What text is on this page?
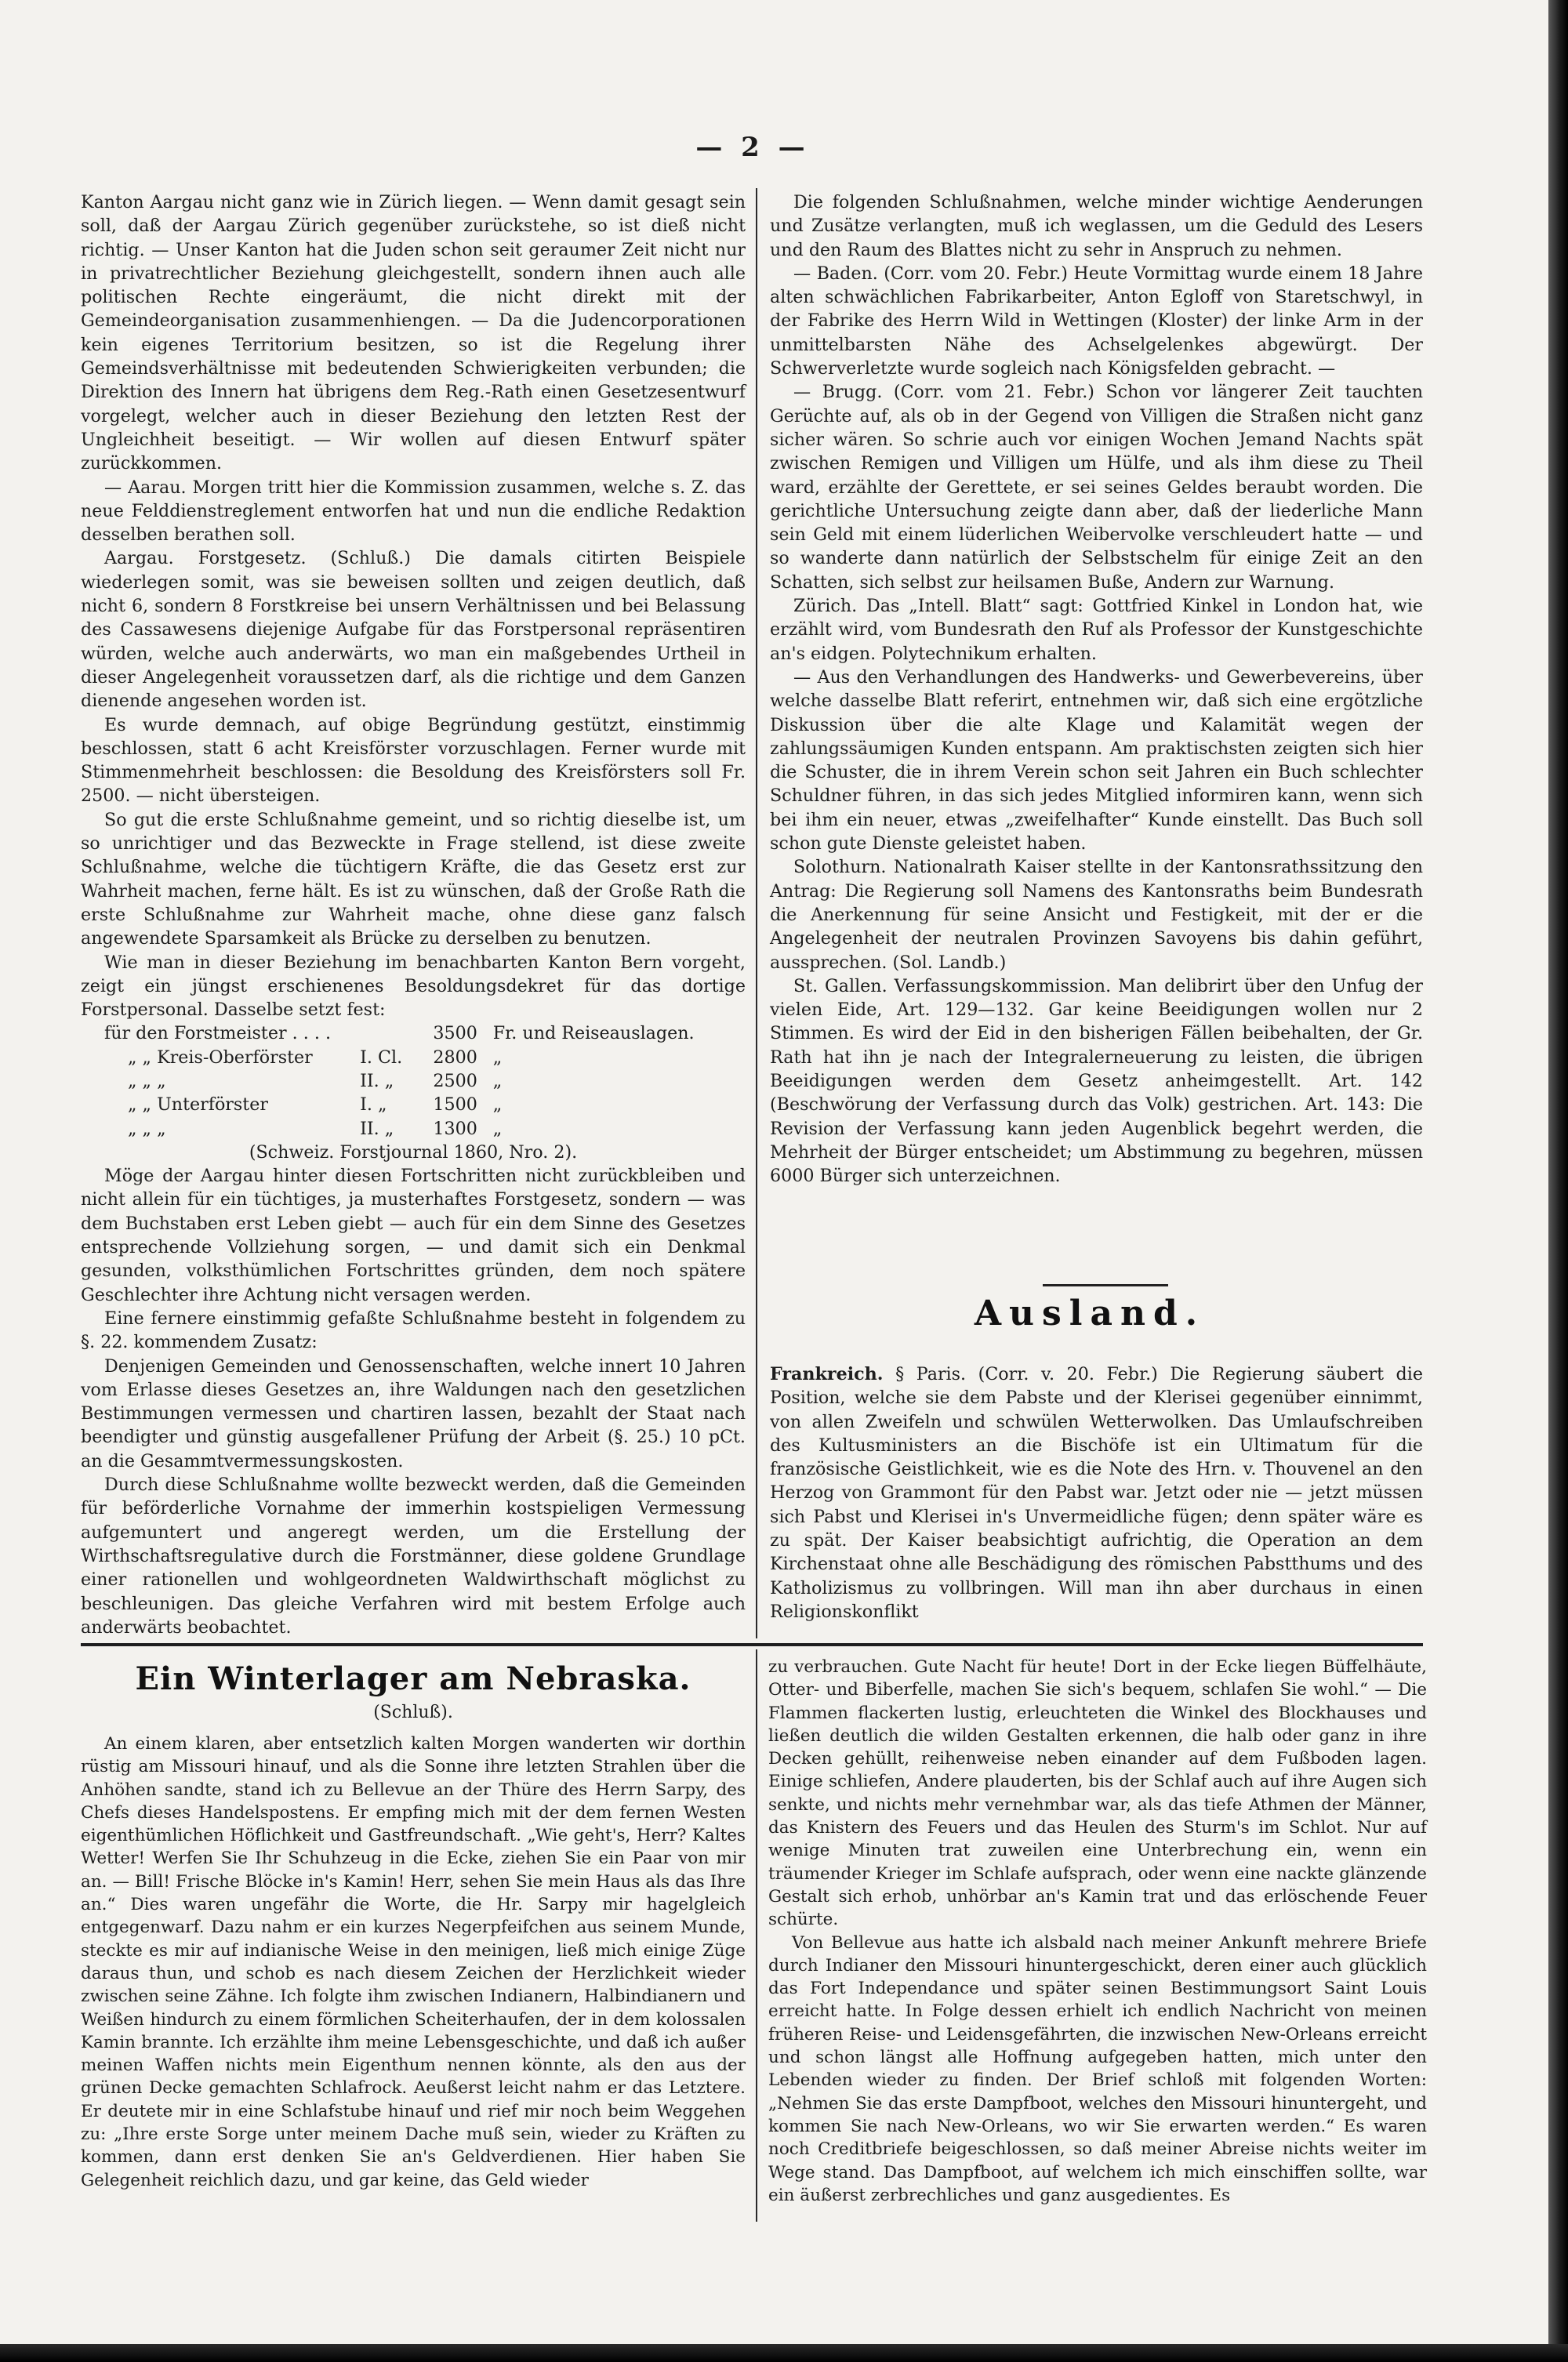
— 2 —

Kanton Aargau nicht ganz wie in Zürich liegen. — Wenn damit gesagt sein soll, daß der Aargau Zürich gegenüber zurückstehe, so ist dieß nicht richtig. — Unser Kanton hat die Juden schon seit geraumer Zeit nicht nur in privatrechtlicher Beziehung gleichgestellt, sondern ihnen auch alle politischen Rechte eingeräumt, die nicht direkt mit der Gemeindeorganisation zusammenhiengen. — Da die Judencorporationen kein eigenes Territorium besitzen, so ist die Regelung ihrer Gemeindsverhältnisse mit bedeutenden Schwierigkeiten verbunden; die Direktion des Innern hat übrigens dem Reg.-Rath einen Gesetzesentwurf vorgelegt, welcher auch in dieser Beziehung den letzten Rest der Ungleichheit beseitigt. — Wir wollen auf diesen Entwurf später zurückkommen.

— Aarau. Morgen tritt hier die Kommission zusammen, welche s. Z. das neue Felddienstreglement entworfen hat und nun die endliche Redaktion desselben berathen soll.

Aargau. Forstgesetz. (Schluß.) Die damals citirten Beispiele wiederlegen somit, was sie beweisen sollten und zeigen deutlich, daß nicht 6, sondern 8 Forstkreise bei unsern Verhältnissen und bei Belassung des Cassawesens diejenige Aufgabe für das Forstpersonal repräsentiren würden, welche auch anderwärts, wo man ein maßgebendes Urtheil in dieser Angelegenheit voraussetzen darf, als die richtige und dem Ganzen dienende angesehen worden ist.

Es wurde demnach, auf obige Begründung gestützt, einstimmig beschlossen, statt 6 acht Kreisförster vorzuschlagen. Ferner wurde mit Stimmenmehrheit beschlossen: die Besoldung des Kreisförsters soll Fr. 2500. — nicht übersteigen.

So gut die erste Schlußnahme gemeint, und so richtig dieselbe ist, um so unrichtiger und das Bezweckte in Frage stellend, ist diese zweite Schlußnahme, welche die tüchtigern Kräfte, die das Gesetz erst zur Wahrheit machen, ferne hält. Es ist zu wünschen, daß der Große Rath die erste Schlußnahme zur Wahrheit mache, ohne diese ganz falsch angewendete Sparsamkeit als Brücke zu derselben zu benutzen.

Wie man in dieser Beziehung im benachbarten Kanton Bern vorgeht, zeigt ein jüngst erschienenes Besoldungsdekret für das dortige Forstpersonal. Dasselbe setzt fest:

für den Forstmeister . . . .		3500	Fr. und Reiseauslagen.
„ „ Kreis-Oberförster	I. Cl.	2800	„
„ „ „	II. „	2500	„
„ „ Unterförster	I. „	1500	„
„ „ „	II. „	1300	„

(Schweiz. Forstjournal 1860, Nro. 2).

Möge der Aargau hinter diesen Fortschritten nicht zurückbleiben und nicht allein für ein tüchtiges, ja musterhaftes Forstgesetz, sondern — was dem Buchstaben erst Leben giebt — auch für ein dem Sinne des Gesetzes entsprechende Vollziehung sorgen, — und damit sich ein Denkmal gesunden, volksthümlichen Fortschrittes gründen, dem noch spätere Geschlechter ihre Achtung nicht versagen werden.

Eine fernere einstimmig gefaßte Schlußnahme besteht in folgendem zu §. 22. kommendem Zusatz:

Denjenigen Gemeinden und Genossenschaften, welche innert 10 Jahren vom Erlasse dieses Gesetzes an, ihre Waldungen nach den gesetzlichen Bestimmungen vermessen und chartiren lassen, bezahlt der Staat nach beendigter und günstig ausgefallener Prüfung der Arbeit (§. 25.) 10 pCt. an die Gesammtvermessungskosten.

Durch diese Schlußnahme wollte bezweckt werden, daß die Gemeinden für beförderliche Vornahme der immerhin kostspieligen Vermessung aufgemuntert und angeregt werden, um die Erstellung der Wirthschaftsregulative durch die Forstmänner, diese goldene Grundlage einer rationellen und wohlgeordneten Waldwirthschaft möglichst zu beschleunigen. Das gleiche Verfahren wird mit bestem Erfolge auch anderwärts beobachtet.

Die folgenden Schlußnahmen, welche minder wichtige Aenderungen und Zusätze verlangten, muß ich weglassen, um die Geduld des Lesers und den Raum des Blattes nicht zu sehr in Anspruch zu nehmen.

— Baden. (Corr. vom 20. Febr.) Heute Vormittag wurde einem 18 Jahre alten schwächlichen Fabrikarbeiter, Anton Egloff von Staretschwyl, in der Fabrike des Herrn Wild in Wettingen (Kloster) der linke Arm in der unmittelbarsten Nähe des Achselgelenkes abgewürgt. Der Schwerverletzte wurde sogleich nach Königsfelden gebracht. —

— Brugg. (Corr. vom 21. Febr.) Schon vor längerer Zeit tauchten Gerüchte auf, als ob in der Gegend von Villigen die Straßen nicht ganz sicher wären. So schrie auch vor einigen Wochen Jemand Nachts spät zwischen Remigen und Villigen um Hülfe, und als ihm diese zu Theil ward, erzählte der Gerettete, er sei seines Geldes beraubt worden. Die gerichtliche Untersuchung zeigte dann aber, daß der liederliche Mann sein Geld mit einem lüderlichen Weibervolke verschleudert hatte — und so wanderte dann natürlich der Selbstschelm für einige Zeit an den Schatten, sich selbst zur heilsamen Buße, Andern zur Warnung.

Zürich. Das „Intell. Blatt“ sagt: Gottfried Kinkel in London hat, wie erzählt wird, vom Bundesrath den Ruf als Professor der Kunstgeschichte an's eidgen. Polytechnikum erhalten.

— Aus den Verhandlungen des Handwerks- und Gewerbevereins, über welche dasselbe Blatt referirt, entnehmen wir, daß sich eine ergötzliche Diskussion über die alte Klage und Kalamität wegen der zahlungssäumigen Kunden entspann. Am praktischsten zeigten sich hier die Schuster, die in ihrem Verein schon seit Jahren ein Buch schlechter Schuldner führen, in das sich jedes Mitglied informiren kann, wenn sich bei ihm ein neuer, etwas „zweifelhafter“ Kunde einstellt. Das Buch soll schon gute Dienste geleistet haben.

Solothurn. Nationalrath Kaiser stellte in der Kantonsrathssitzung den Antrag: Die Regierung soll Namens des Kantonsraths beim Bundesrath die Anerkennung für seine Ansicht und Festigkeit, mit der er die Angelegenheit der neutralen Provinzen Savoyens bis dahin geführt, aussprechen. (Sol. Landb.)

St. Gallen. Verfassungskommission. Man delibrirt über den Unfug der vielen Eide, Art. 129—132. Gar keine Beeidigungen wollen nur 2 Stimmen. Es wird der Eid in den bisherigen Fällen beibehalten, der Gr. Rath hat ihn je nach der Integralerneuerung zu leisten, die übrigen Beeidigungen werden dem Gesetz anheimgestellt. Art. 142 (Beschwörung der Verfassung durch das Volk) gestrichen. Art. 143: Die Revision der Verfassung kann jeden Augenblick begehrt werden, die Mehrheit der Bürger entscheidet; um Abstimmung zu begehren, müssen 6000 Bürger sich unterzeichnen.

Ausland.

Frankreich. § Paris. (Corr. v. 20. Febr.) Die Regierung säubert die Position, welche sie dem Pabste und der Klerisei gegenüber einnimmt, von allen Zweifeln und schwülen Wetterwolken. Das Umlaufschreiben des Kultusministers an die Bischöfe ist ein Ultimatum für die französische Geistlichkeit, wie es die Note des Hrn. v. Thouvenel an den Herzog von Grammont für den Pabst war. Jetzt oder nie — jetzt müssen sich Pabst und Klerisei in's Unvermeidliche fügen; denn später wäre es zu spät. Der Kaiser beabsichtigt aufrichtig, die Operation an dem Kirchenstaat ohne alle Beschädigung des römischen Pabstthums und des Katholizismus zu vollbringen. Will man ihn aber durchaus in einen Religionskonflikt

Ein Winterlager am Nebraska.
(Schluß).

An einem klaren, aber entsetzlich kalten Morgen wanderten wir dorthin rüstig am Missouri hinauf, und als die Sonne ihre letzten Strahlen über die Anhöhen sandte, stand ich zu Bellevue an der Thüre des Herrn Sarpy, des Chefs dieses Handelspostens. Er empfing mich mit der dem fernen Westen eigenthümlichen Höflichkeit und Gastfreundschaft. „Wie geht's, Herr? Kaltes Wetter! Werfen Sie Ihr Schuhzeug in die Ecke, ziehen Sie ein Paar von mir an. — Bill! Frische Blöcke in's Kamin! Herr, sehen Sie mein Haus als das Ihre an.“ Dies waren ungefähr die Worte, die Hr. Sarpy mir hagelgleich entgegenwarf. Dazu nahm er ein kurzes Negerpfeifchen aus seinem Munde, steckte es mir auf indianische Weise in den meinigen, ließ mich einige Züge daraus thun, und schob es nach diesem Zeichen der Herzlichkeit wieder zwischen seine Zähne. Ich folgte ihm zwischen Indianern, Halbindianern und Weißen hindurch zu einem förmlichen Scheiterhaufen, der in dem kolossalen Kamin brannte. Ich erzählte ihm meine Lebensgeschichte, und daß ich außer meinen Waffen nichts mein Eigenthum nennen könnte, als den aus der grünen Decke gemachten Schlafrock. Aeußerst leicht nahm er das Letztere. Er deutete mir in eine Schlafstube hinauf und rief mir noch beim Weggehen zu: „Ihre erste Sorge unter meinem Dache muß sein, wieder zu Kräften zu kommen, dann erst denken Sie an's Geldverdienen. Hier haben Sie Gelegenheit reichlich dazu, und gar keine, das Geld wieder

zu verbrauchen. Gute Nacht für heute! Dort in der Ecke liegen Büffelhäute, Otter- und Biberfelle, machen Sie sich's bequem, schlafen Sie wohl.“ — Die Flammen flackerten lustig, erleuchteten die Winkel des Blockhauses und ließen deutlich die wilden Gestalten erkennen, die halb oder ganz in ihre Decken gehüllt, reihenweise neben einander auf dem Fußboden lagen. Einige schliefen, Andere plauderten, bis der Schlaf auch auf ihre Augen sich senkte, und nichts mehr vernehmbar war, als das tiefe Athmen der Männer, das Knistern des Feuers und das Heulen des Sturm's im Schlot. Nur auf wenige Minuten trat zuweilen eine Unterbrechung ein, wenn ein träumender Krieger im Schlafe aufsprach, oder wenn eine nackte glänzende Gestalt sich erhob, unhörbar an's Kamin trat und das erlöschende Feuer schürte.

Von Bellevue aus hatte ich alsbald nach meiner Ankunft mehrere Briefe durch Indianer den Missouri hinuntergeschickt, deren einer auch glücklich das Fort Independance und später seinen Bestimmungsort Saint Louis erreicht hatte. In Folge dessen erhielt ich endlich Nachricht von meinen früheren Reise- und Leidensgefährten, die inzwischen New-Orleans erreicht und schon längst alle Hoffnung aufgegeben hatten, mich unter den Lebenden wieder zu finden. Der Brief schloß mit folgenden Worten: „Nehmen Sie das erste Dampfboot, welches den Missouri hinuntergeht, und kommen Sie nach New-Orleans, wo wir Sie erwarten werden.“ Es waren noch Creditbriefe beigeschlossen, so daß meiner Abreise nichts weiter im Wege stand. Das Dampfboot, auf welchem ich mich einschiffen sollte, war ein äußerst zerbrechliches und ganz ausgedientes. Es
